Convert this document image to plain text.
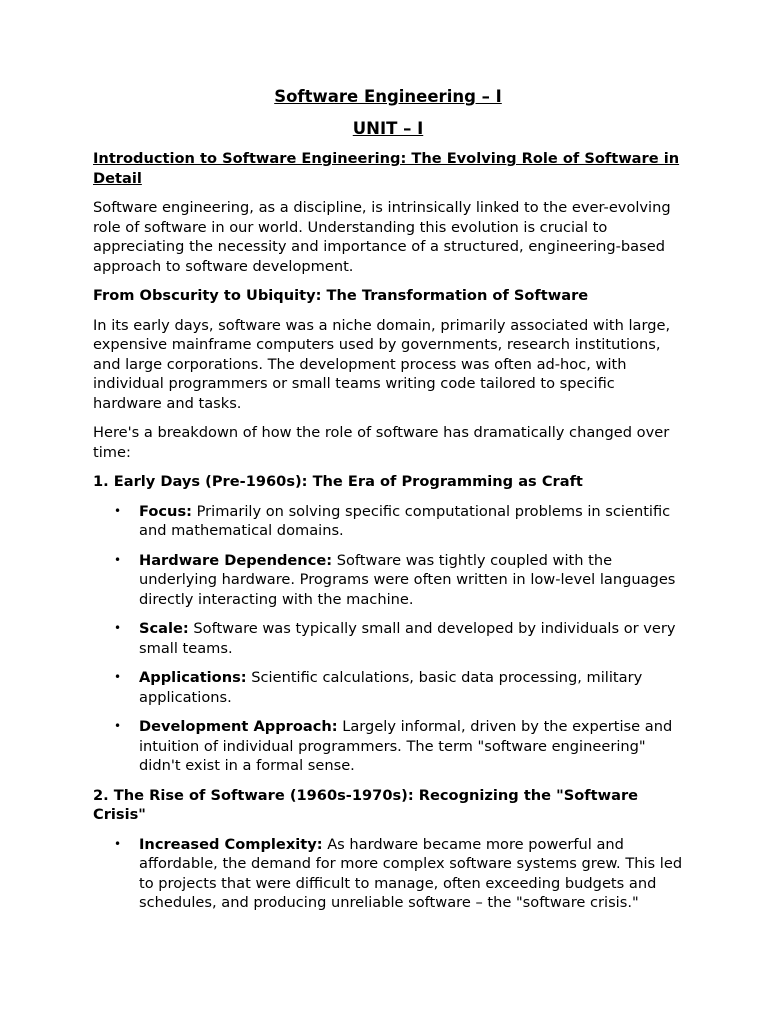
Software Engineering – I
UNIT – I
Introduction to Software Engineering: The Evolving Role of Software in Detail

Software engineering, as a discipline, is intrinsically linked to the ever-evolving role of software in our world. Understanding this evolution is crucial to appreciating the necessity and importance of a structured, engineering-based approach to software development.

From Obscurity to Ubiquity: The Transformation of Software

In its early days, software was a niche domain, primarily associated with large, expensive mainframe computers used by governments, research institutions, and large corporations. The development process was often ad-hoc, with individual programmers or small teams writing code tailored to specific hardware and tasks.

Here's a breakdown of how the role of software has dramatically changed over time:

1. Early Days (Pre-1960s): The Era of Programming as Craft
• Focus: Primarily on solving specific computational problems in scientific and mathematical domains.
• Hardware Dependence: Software was tightly coupled with the underlying hardware. Programs were often written in low-level languages directly interacting with the machine.
• Scale: Software was typically small and developed by individuals or very small teams.
• Applications: Scientific calculations, basic data processing, military applications.
• Development Approach: Largely informal, driven by the expertise and intuition of individual programmers. The term "software engineering" didn't exist in a formal sense.
2. The Rise of Software (1960s-1970s): Recognizing the "Software Crisis"
• Increased Complexity: As hardware became more powerful and affordable, the demand for more complex software systems grew. This led to projects that were difficult to manage, often exceeding budgets and schedules, and producing unreliable software – the "software crisis."
